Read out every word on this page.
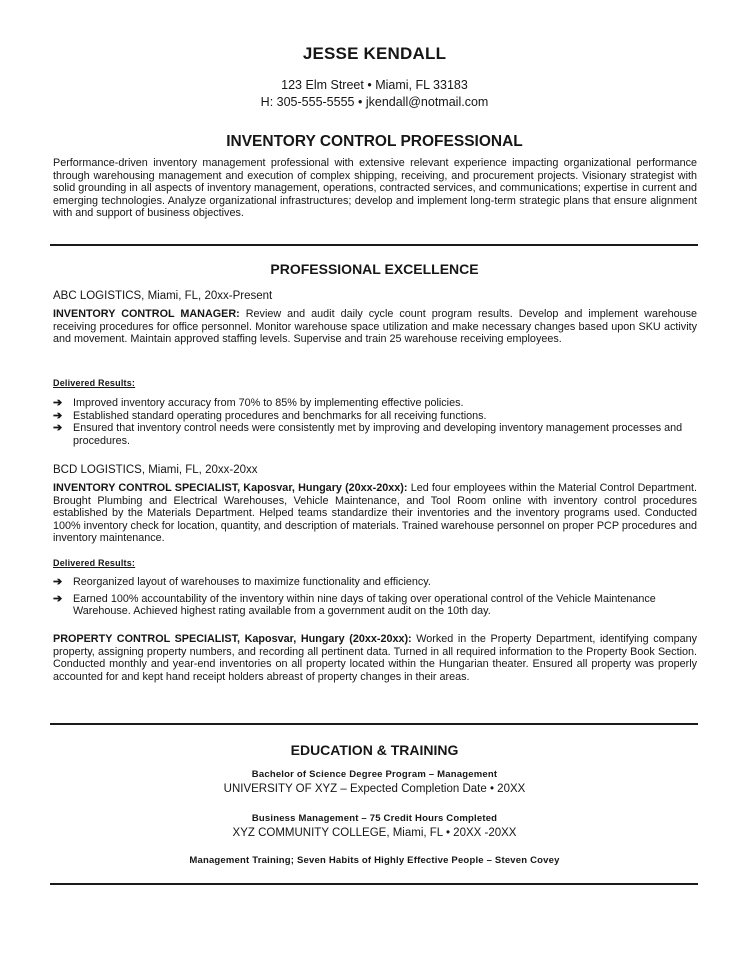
JESSE KENDALL
123 Elm Street • Miami, FL 33183
H: 305-555-5555 • jkendall@notmail.com
INVENTORY CONTROL PROFESSIONAL
Performance-driven inventory management professional with extensive relevant experience impacting organizational performance through warehousing management and execution of complex shipping, receiving, and procurement projects. Visionary strategist with solid grounding in all aspects of inventory management, operations, contracted services, and communications; expertise in current and emerging technologies. Analyze organizational infrastructures; develop and implement long-term strategic plans that ensure alignment with and support of business objectives.
PROFESSIONAL EXCELLENCE
ABC LOGISTICS, Miami, FL, 20xx-Present
INVENTORY CONTROL MANAGER: Review and audit daily cycle count program results. Develop and implement warehouse receiving procedures for office personnel. Monitor warehouse space utilization and make necessary changes based upon SKU activity and movement. Maintain approved staffing levels. Supervise and train 25 warehouse receiving employees.
Delivered Results:
➔ Improved inventory accuracy from 70% to 85% by implementing effective policies.
➔ Established standard operating procedures and benchmarks for all receiving functions.
➔ Ensured that inventory control needs were consistently met by improving and developing inventory management processes and procedures.
BCD LOGISTICS, Miami, FL, 20xx-20xx
INVENTORY CONTROL SPECIALIST, Kaposvar, Hungary (20xx-20xx): Led four employees within the Material Control Department. Brought Plumbing and Electrical Warehouses, Vehicle Maintenance, and Tool Room online with inventory control procedures established by the Materials Department. Helped teams standardize their inventories and the inventory programs used. Conducted 100% inventory check for location, quantity, and description of materials. Trained warehouse personnel on proper PCP procedures and inventory maintenance.
Delivered Results:
➔ Reorganized layout of warehouses to maximize functionality and efficiency.
➔ Earned 100% accountability of the inventory within nine days of taking over operational control of the Vehicle Maintenance Warehouse. Achieved highest rating available from a government audit on the 10th day.
PROPERTY CONTROL SPECIALIST, Kaposvar, Hungary (20xx-20xx): Worked in the Property Department, identifying company property, assigning property numbers, and recording all pertinent data. Turned in all required information to the Property Book Section. Conducted monthly and year-end inventories on all property located within the Hungarian theater. Ensured all property was properly accounted for and kept hand receipt holders abreast of property changes in their areas.
EDUCATION & TRAINING
Bachelor of Science Degree Program – Management
UNIVERSITY OF XYZ – Expected Completion Date • 20XX
Business Management – 75 Credit Hours Completed
XYZ COMMUNITY COLLEGE, Miami, FL • 20XX -20XX
Management Training; Seven Habits of Highly Effective People – Steven Covey
